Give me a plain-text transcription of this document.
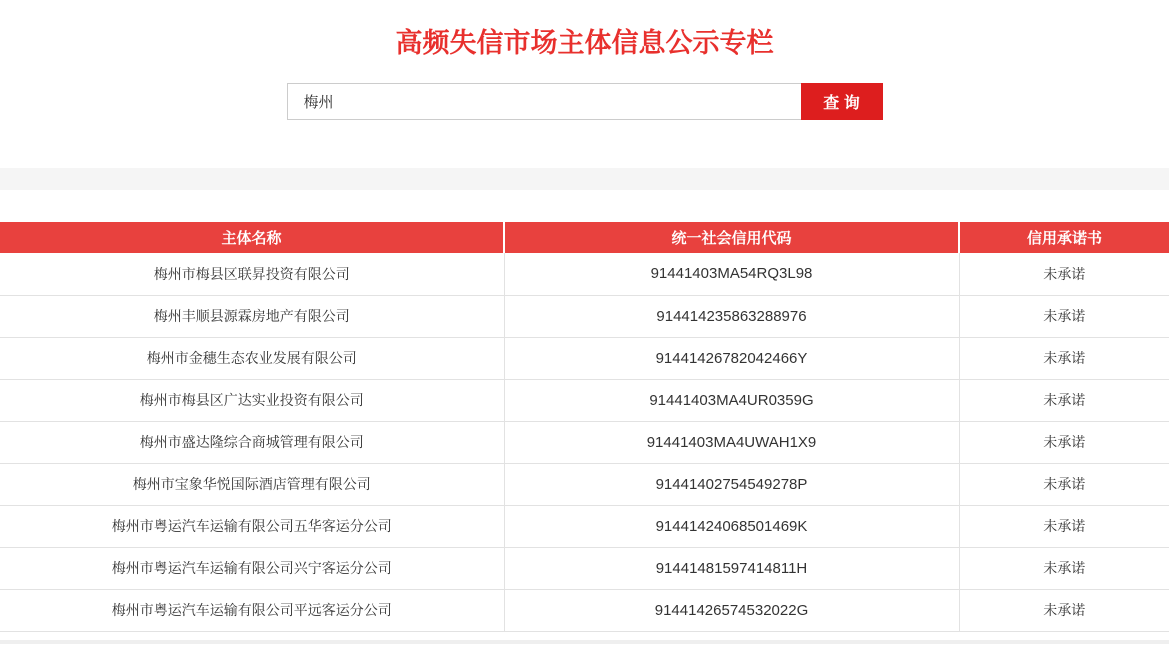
高频失信市场主体信息公示专栏
梅州
查 询
主体名称	统一社会信用代码	信用承诺书
梅州市梅县区联昇投资有限公司	91441403MA54RQ3L98	未承诺
梅州丰顺县源霖房地产有限公司	914414235863288976	未承诺
梅州市金穗生态农业发展有限公司	91441426782042466Y	未承诺
梅州市梅县区广达实业投资有限公司	91441403MA4UR0359G	未承诺
梅州市盛达隆综合商城管理有限公司	91441403MA4UWAH1X9	未承诺
梅州市宝象华悦国际酒店管理有限公司	91441402754549278P	未承诺
梅州市粤运汽车运输有限公司五华客运分公司	91441424068501469K	未承诺
梅州市粤运汽车运输有限公司兴宁客运分公司	91441481597414811H	未承诺
梅州市粤运汽车运输有限公司平远客运分公司	91441426574532022G	未承诺
